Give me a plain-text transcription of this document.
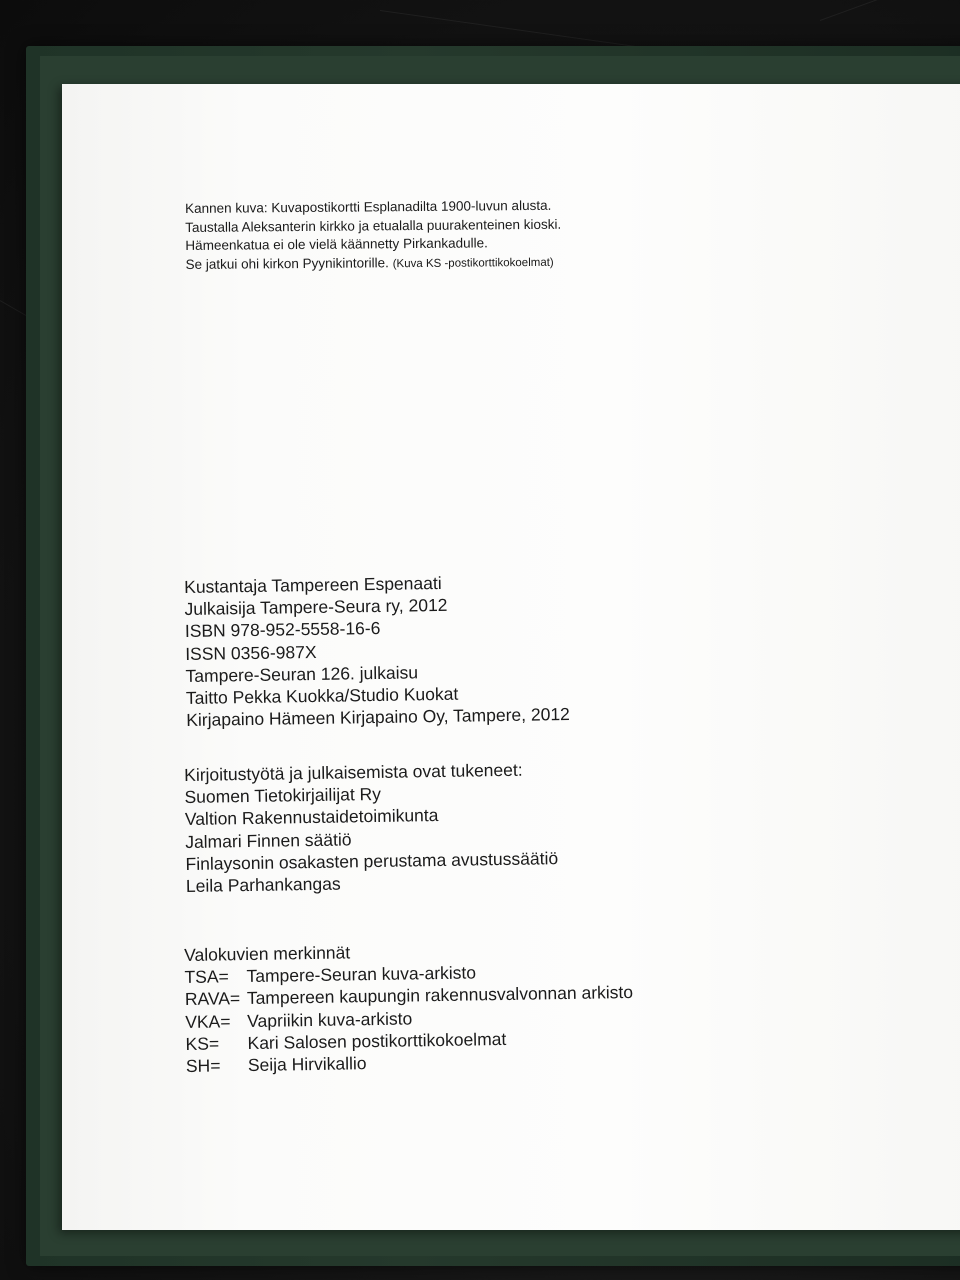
Kannen kuva: Kuvapostikortti Esplanadilta 1900-luvun alusta.
Taustalla Aleksanterin kirkko ja etualalla puurakenteinen kioski.
Hämeenkatua ei ole vielä käännetty Pirkankadulle.
Se jatkui ohi kirkon Pyynikintorille. (Kuva KS -postikorttikokoelmat)
Kustantaja Tampereen Espenaati
Julkaisija Tampere-Seura ry, 2012
ISBN 978-952-5558-16-6
ISSN 0356-987X
Tampere-Seuran 126. julkaisu
Taitto Pekka Kuokka/Studio Kuokat
Kirjapaino Hämeen Kirjapaino Oy, Tampere, 2012
Kirjoitustyötä ja julkaisemista ovat tukeneet:
Suomen Tietokirjailijat Ry
Valtion Rakennustaidetoimikunta
Jalmari Finnen säätiö
Finlaysonin osakasten perustama avustussäätiö
Leila Parhankangas
Valokuvien merkinnät
TSA= Tampere-Seuran kuva-arkisto
RAVA= Tampereen kaupungin rakennusvalvonnan arkisto
VKA= Vapriikin kuva-arkisto
KS= Kari Salosen postikorttikokoelmat
SH= Seija Hirvikallio
